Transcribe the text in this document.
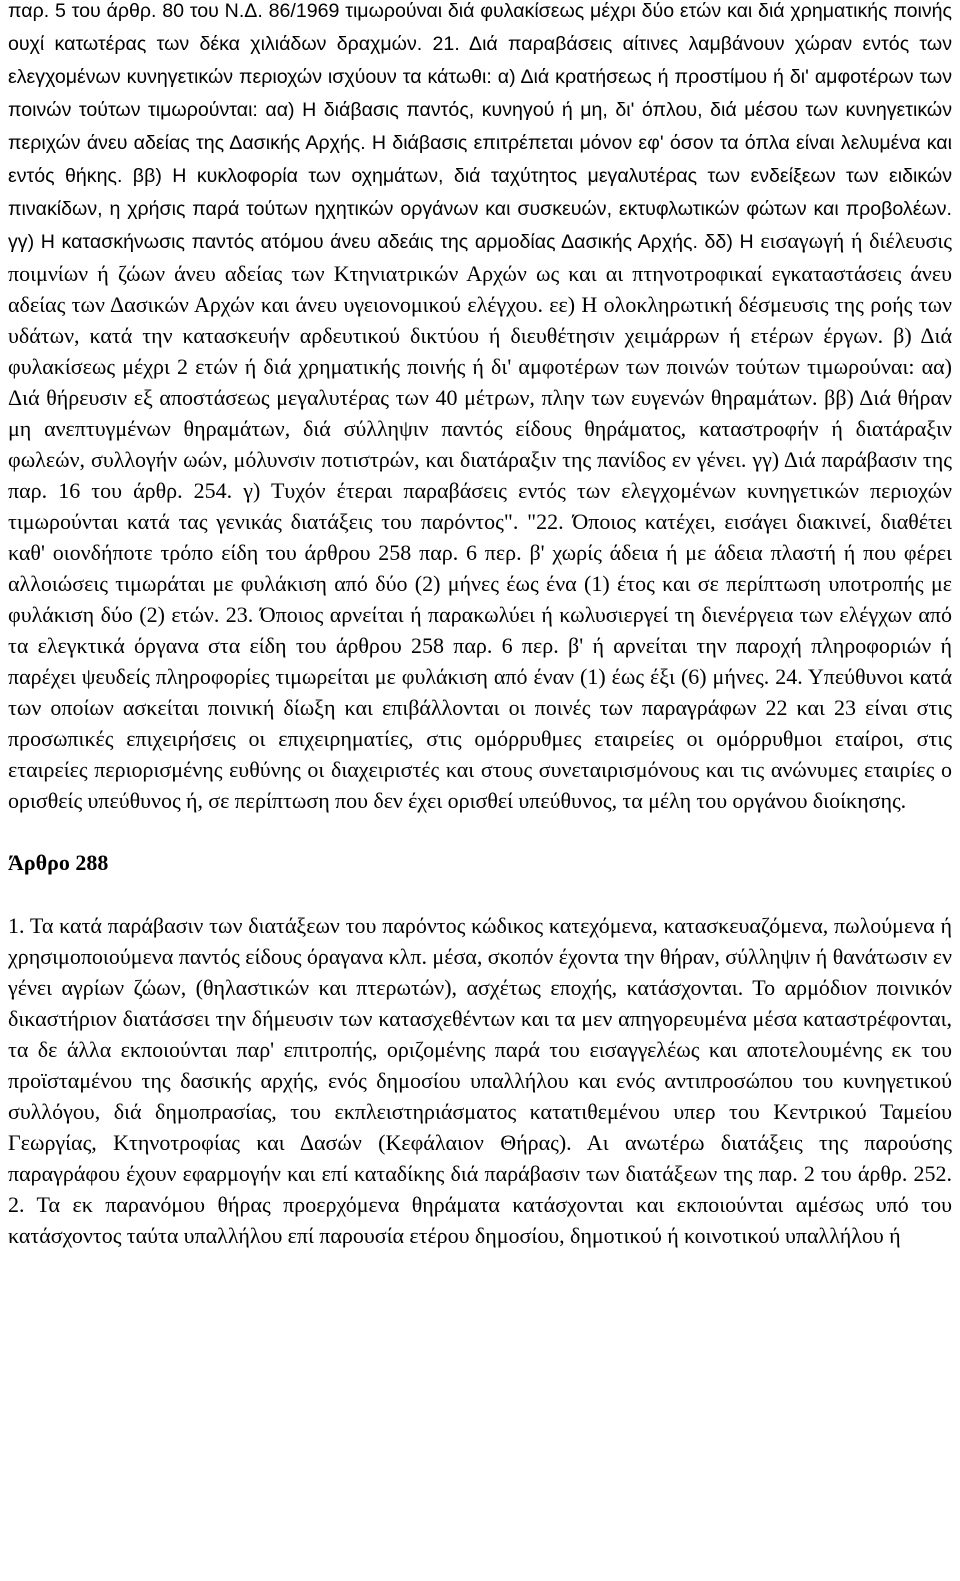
παρ. 5 του άρθρ. 80 του Ν.Δ. 86/1969 τιμωρούναι διά φυλακίσεως μέχρι δύο ετών και διά χρηματικής ποινής ουχί κατωτέρας των δέκα χιλιάδων δραχμών. 21. Διά παραβάσεις αίτινες λαμβάνουν χώραν εντός των ελεγχομένων κυνηγετικών περιοχών ισχύουν τα κάτωθι: α) Διά κρατήσεως ή προστίμου ή δι' αμφοτέρων των ποινών τούτων τιμωρούνται: αα) Η διάβασις παντός, κυνηγού ή μη, δι' όπλου, διά μέσου των κυνηγετικών περιχών άνευ αδείας της Δασικής Αρχής. Η διάβασις επιτρέπεται μόνον εφ' όσον τα όπλα είναι λελυμένα και εντός θήκης. ββ) Η κυκλοφορία των οχημάτων, διά ταχύτητος μεγαλυτέρας των ενδείξεων των ειδικών πινακίδων, η χρήσις παρά τούτων ηχητικών οργάνων και συσκευών, εκτυφλωτικών φώτων και προβολέων. γγ) Η κατασκήνωσις παντός ατόμου άνευ αδεάις της αρμοδίας Δασικής Αρχής. δδ) Η εισαγωγή ή διέλευσις ποιμνίων ή ζώων άνευ αδείας των Κτηνιατρικών Αρχών ως και αι πτηνοτροφικαί εγκαταστάσεις άνευ αδείας των Δασικών Αρχών και άνευ υγειονομικού ελέγχου. εε) Η ολοκληρωτική δέσμευσις της ροής των υδάτων, κατά την κατασκευήν αρδευτικού δικτύου ή διευθέτησιν χειμάρρων ή ετέρων έργων. β) Διά φυλακίσεως μέχρι 2 ετών ή διά χρηματικής ποινής ή δι' αμφοτέρων των ποινών τούτων τιμωρούναι: αα) Διά θήρευσιν εξ αποστάσεως μεγαλυτέρας των 40 μέτρων, πλην των ευγενών θηραμάτων. ββ) Διά θήραν μη ανεπτυγμένων θηραμάτων, διά σύλληψιν παντός είδους θηράματος, καταστροφήν ή διατάραξιν φωλεών, συλλογήν ωών, μόλυνσιν ποτιστρών, και διατάραξιν της πανίδος εν γένει. γγ) Διά παράβασιν της παρ. 16 του άρθρ. 254. γ) Τυχόν έτεραι παραβάσεις εντός των ελεγχομένων κυνηγετικών περιοχών τιμωρούνται κατά τας γενικάς διατάξεις του παρόντος". "22. Όποιος κατέχει, εισάγει διακινεί, διαθέτει καθ' οιονδήποτε τρόπο είδη του άρθρου 258 παρ. 6 περ. β' χωρίς άδεια ή με άδεια πλαστή ή που φέρει αλλοιώσεις τιμωράται με φυλάκιση από δύο (2) μήνες έως ένα (1) έτος και σε περίπτωση υποτροπής με φυλάκιση δύο (2) ετών. 23. Όποιος αρνείται ή παρακωλύει ή κωλυσιεργεί τη διενέργεια των ελέγχων από τα ελεγκτικά όργανα στα είδη του άρθρου 258 παρ. 6 περ. β' ή αρνείται την παροχή πληροφοριών ή παρέχει ψευδείς πληροφορίες τιμωρείται με φυλάκιση από έναν (1) έως έξι (6) μήνες. 24. Υπεύθυνοι κατά των οποίων ασκείται ποινική δίωξη και επιβάλλονται οι ποινές των παραγράφων 22 και 23 είναι στις προσωπικές επιχειρήσεις οι επιχειρηματίες, στις ομόρρυθμες εταιρείες οι ομόρρυθμοι εταίροι, στις εταιρείες περιορισμένης ευθύνης οι διαχειριστές και στους συνεταιρισμόνους και τις ανώνυμες εταιρίες ο ορισθείς υπεύθυνος ή, σε περίπτωση που δεν έχει ορισθεί υπεύθυνος, τα μέλη του οργάνου διοίκησης.

Άρθρο 288

1. Τα κατά παράβασιν των διατάξεων του παρόντος κώδικος κατεχόμενα, κατασκευαζόμενα, πωλούμενα ή χρησιμοποιούμενα παντός είδους όραγανα κλπ. μέσα, σκοπόν έχοντα την θήραν, σύλληψιν ή θανάτωσιν εν γένει αγρίων ζώων, (θηλαστικών και πτερωτών), ασχέτως εποχής, κατάσχονται. Το αρμόδιον ποινικόν δικαστήριον διατάσσει την δήμευσιν των κατασχεθέντων και τα μεν απηγορευμένα μέσα καταστρέφονται, τα δε άλλα εκποιούνται παρ' επιτροπής, οριζομένης παρά του εισαγγελέως και αποτελουμένης εκ του προϊσταμένου της δασικής αρχής, ενός δημοσίου υπαλλήλου και ενός αντιπροσώπου του κυνηγετικού συλλόγου, διά δημοπρασίας, του εκπλειστηριάσματος κατατιθεμένου υπερ του Κεντρικού Ταμείου Γεωργίας, Κτηνοτροφίας και Δασών (Κεφάλαιον Θήρας). Αι ανωτέρω διατάξεις της παρούσης παραγράφου έχουν εφαρμογήν και επί καταδίκης διά παράβασιν των διατάξεων της παρ. 2 του άρθρ. 252. 2. Τα εκ παρανόμου θήρας προερχόμενα θηράματα κατάσχονται και εκποιούνται αμέσως υπό του κατάσχοντος ταύτα υπαλλήλου επί παρουσία ετέρου δημοσίου, δημοτικού ή κοινοτικού υπαλλήλου ή
